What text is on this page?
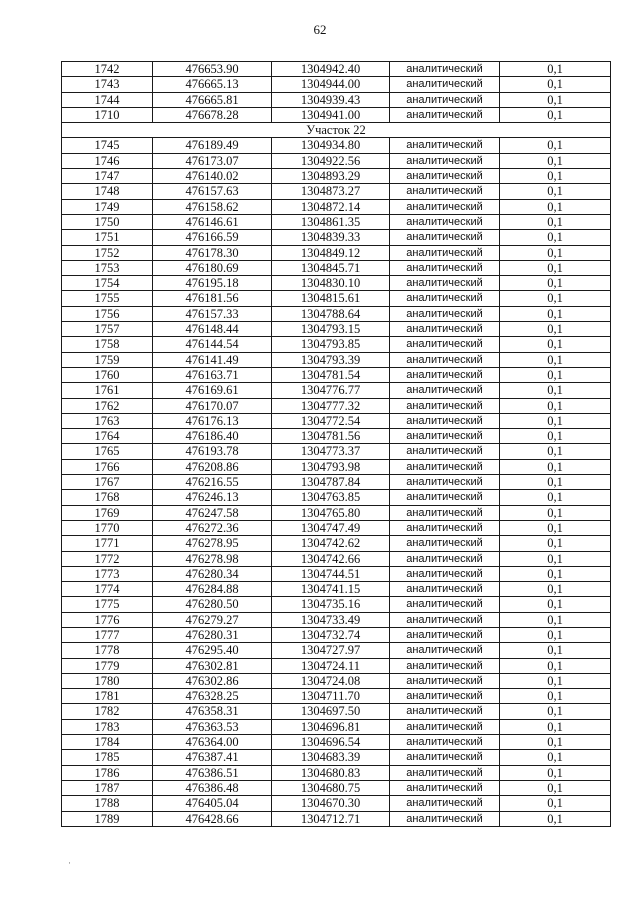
62
1742	476653.90	1304942.40	аналитический	0,1
1743	476665.13	1304944.00	аналитический	0,1
1744	476665.81	1304939.43	аналитический	0,1
1710	476678.28	1304941.00	аналитический	0,1
Участок 22				
1745	476189.49	1304934.80	аналитический	0,1
1746	476173.07	1304922.56	аналитический	0,1
1747	476140.02	1304893.29	аналитический	0,1
1748	476157.63	1304873.27	аналитический	0,1
1749	476158.62	1304872.14	аналитический	0,1
1750	476146.61	1304861.35	аналитический	0,1
1751	476166.59	1304839.33	аналитический	0,1
1752	476178.30	1304849.12	аналитический	0,1
1753	476180.69	1304845.71	аналитический	0,1
1754	476195.18	1304830.10	аналитический	0,1
1755	476181.56	1304815.61	аналитический	0,1
1756	476157.33	1304788.64	аналитический	0,1
1757	476148.44	1304793.15	аналитический	0,1
1758	476144.54	1304793.85	аналитический	0,1
1759	476141.49	1304793.39	аналитический	0,1
1760	476163.71	1304781.54	аналитический	0,1
1761	476169.61	1304776.77	аналитический	0,1
1762	476170.07	1304777.32	аналитический	0,1
1763	476176.13	1304772.54	аналитический	0,1
1764	476186.40	1304781.56	аналитический	0,1
1765	476193.78	1304773.37	аналитический	0,1
1766	476208.86	1304793.98	аналитический	0,1
1767	476216.55	1304787.84	аналитический	0,1
1768	476246.13	1304763.85	аналитический	0,1
1769	476247.58	1304765.80	аналитический	0,1
1770	476272.36	1304747.49	аналитический	0,1
1771	476278.95	1304742.62	аналитический	0,1
1772	476278.98	1304742.66	аналитический	0,1
1773	476280.34	1304744.51	аналитический	0,1
1774	476284.88	1304741.15	аналитический	0,1
1775	476280.50	1304735.16	аналитический	0,1
1776	476279.27	1304733.49	аналитический	0,1
1777	476280.31	1304732.74	аналитический	0,1
1778	476295.40	1304727.97	аналитический	0,1
1779	476302.81	1304724.11	аналитический	0,1
1780	476302.86	1304724.08	аналитический	0,1
1781	476328.25	1304711.70	аналитический	0,1
1782	476358.31	1304697.50	аналитический	0,1
1783	476363.53	1304696.81	аналитический	0,1
1784	476364.00	1304696.54	аналитический	0,1
1785	476387.41	1304683.39	аналитический	0,1
1786	476386.51	1304680.83	аналитический	0,1
1787	476386.48	1304680.75	аналитический	0,1
1788	476405.04	1304670.30	аналитический	0,1
1789	476428.66	1304712.71	аналитический	0,1
·
